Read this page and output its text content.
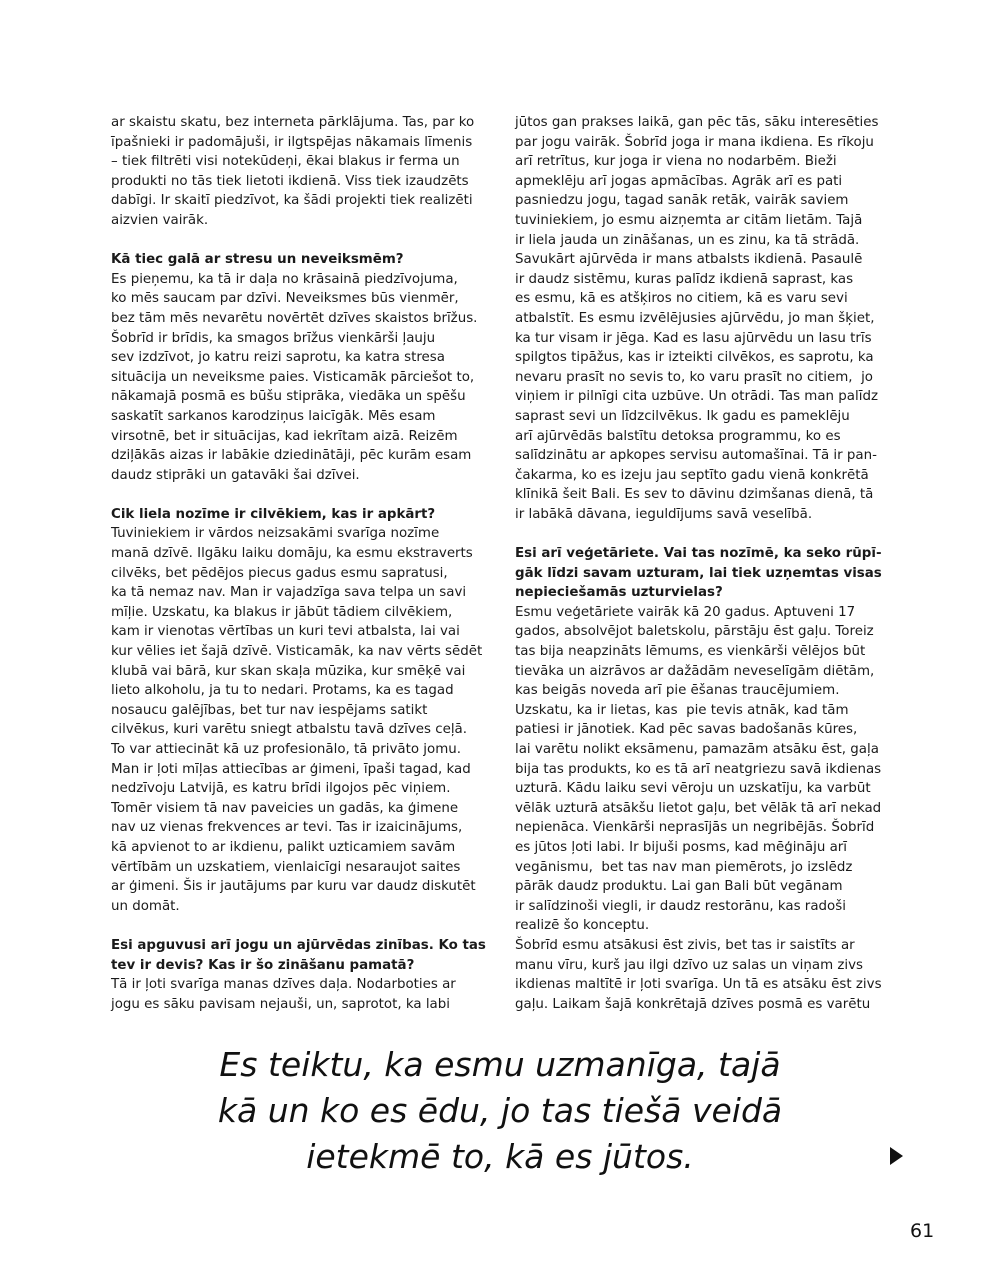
ar skaistu skatu, bez interneta pārklājuma. Tas, par ko
īpašnieki ir padomājuši, ir ilgtspējas nākamais līmenis
– tiek filtrēti visi notekūdeņi, ēkai blakus ir ferma un
produkti no tās tiek lietoti ikdienā. Viss tiek izaudzēts
dabīgi. Ir skaitī piedzīvot, ka šādi projekti tiek realizēti
aizvien vairāk.
Kā tiec galā ar stresu un neveiksmēm?
Es pieņemu, ka tā ir daļa no krāsainā piedzīvojuma,
ko mēs saucam par dzīvi. Neveiksmes būs vienmēr,
bez tām mēs nevarētu novērtēt dzīves skaistos brīžus.
Šobrīd ir brīdis, ka smagos brīžus vienkārši ļauju
sev izdzīvot, jo katru reizi saprotu, ka katra stresa
situācija un neveiksme paies. Visticamāk pārciešot to,
nākamajā posmā es būšu stiprāka, viedāka un spēšu
saskatīt sarkanos karodziņus laicīgāk. Mēs esam
virsotnē, bet ir situācijas, kad iekrītam aizā. Reizēm
dziļākās aizas ir labākie dziedinātāji, pēc kurām esam
daudz stiprāki un gatavāki šai dzīvei.
Cik liela nozīme ir cilvēkiem, kas ir apkārt?
Tuviniekiem ir vārdos neizsakāmi svarīga nozīme
manā dzīvē. Ilgāku laiku domāju, ka esmu ekstraverts
cilvēks, bet pēdējos piecus gadus esmu sapratusi,
ka tā nemaz nav. Man ir vajadzīga sava telpa un savi
mīļie. Uzskatu, ka blakus ir jābūt tādiem cilvēkiem,
kam ir vienotas vērtības un kuri tevi atbalsta, lai vai
kur vēlies iet šajā dzīvē. Visticamāk, ka nav vērts sēdēt
klubā vai bārā, kur skan skaļa mūzika, kur smēķē vai
lieto alkoholu, ja tu to nedari. Protams, ka es tagad
nosaucu galējības, bet tur nav iespējams satikt
cilvēkus, kuri varētu sniegt atbalstu tavā dzīves ceļā.
To var attiecināt kā uz profesionālo, tā privāto jomu.
Man ir ļoti mīļas attiecības ar ģimeni, īpaši tagad, kad
nedzīvoju Latvijā, es katru brīdi ilgojos pēc viņiem.
Tomēr visiem tā nav paveicies un gadās, ka ģimene
nav uz vienas frekvences ar tevi. Tas ir izaicinājums,
kā apvienot to ar ikdienu, palikt uzticamiem savām
vērtībām un uzskatiem, vienlaicīgi nesaraujot saites
ar ģimeni. Šis ir jautājums par kuru var daudz diskutēt
un domāt.
Esi apguvusi arī jogu un ajūrvēdas zinības. Ko tas
tev ir devis? Kas ir šo zināšanu pamatā?
Tā ir ļoti svarīga manas dzīves daļa. Nodarboties ar
jogu es sāku pavisam nejauši, un, saprotot, ka labi
jūtos gan prakses laikā, gan pēc tās, sāku interesēties
par jogu vairāk. Šobrīd joga ir mana ikdiena. Es rīkoju
arī retrītus, kur joga ir viena no nodarbēm. Bieži
apmeklēju arī jogas apmācības. Agrāk arī es pati
pasniedzu jogu, tagad sanāk retāk, vairāk saviem
tuviniekiem, jo esmu aizņemta ar citām lietām. Tajā
ir liela jauda un zināšanas, un es zinu, ka tā strādā.
Savukārt ajūrvēda ir mans atbalsts ikdienā. Pasaulē
ir daudz sistēmu, kuras palīdz ikdienā saprast, kas
es esmu, kā es atšķiros no citiem, kā es varu sevi
atbalstīt. Es esmu izvēlējusies ajūrvēdu, jo man šķiet,
ka tur visam ir jēga. Kad es lasu ajūrvēdu un lasu trīs
spilgtos tipāžus, kas ir izteikti cilvēkos, es saprotu, ka
nevaru prasīt no sevis to, ko varu prasīt no citiem,  jo
viņiem ir pilnīgi cita uzbūve. Un otrādi. Tas man palīdz
saprast sevi un līdzcilvēkus. Ik gadu es pameklēju
arī ajūrvēdās balstītu detoksa programmu, ko es
salīdzinātu ar apkopes servisu automašīnai. Tā ir pan-
čakarma, ko es izeju jau septīto gadu vienā konkrētā
klīnikā šeit Bali. Es sev to dāvinu dzimšanas dienā, tā
ir labākā dāvana, ieguldījums savā veselībā.
Esi arī veģetāriete. Vai tas nozīmē, ka seko rūpī-
gāk līdzi savam uzturam, lai tiek uzņemtas visas
nepieciešamās uzturvielas?
Esmu veģetāriete vairāk kā 20 gadus. Aptuveni 17
gados, absolvējot baletskolu, pārstāju ēst gaļu. Toreiz
tas bija neapzināts lēmums, es vienkārši vēlējos būt
tievāka un aizrāvos ar dažādām neveselīgām diētām,
kas beigās noveda arī pie ēšanas traucējumiem.
Uzskatu, ka ir lietas, kas  pie tevis atnāk, kad tām
patiesi ir jānotiek. Kad pēc savas badošanās kūres,
lai varētu nolikt eksāmenu, pamazām atsāku ēst, gaļa
bija tas produkts, ko es tā arī neatgriezu savā ikdienas
uzturā. Kādu laiku sevi vēroju un uzskatīju, ka varbūt
vēlāk uzturā atsākšu lietot gaļu, bet vēlāk tā arī nekad
nepienāca. Vienkārši neprasījās un negribējās. Šobrīd
es jūtos ļoti labi. Ir bijuši posms, kad mēģināju arī
vegānismu,  bet tas nav man piemērots, jo izslēdz
pārāk daudz produktu. Lai gan Bali būt vegānam
ir salīdzinoši viegli, ir daudz restorānu, kas radoši
realizē šo konceptu.
Šobrīd esmu atsākusi ēst zivis, bet tas ir saistīts ar
manu vīru, kurš jau ilgi dzīvo uz salas un viņam zivs
ikdienas maltītē ir ļoti svarīga. Un tā es atsāku ēst zivs
gaļu. Laikam šajā konkrētajā dzīves posmā es varētu
Es teiktu, ka esmu uzmanīga, tajā
kā un ko es ēdu, jo tas tiešā veidā
ietekmē to, kā es jūtos.
61
